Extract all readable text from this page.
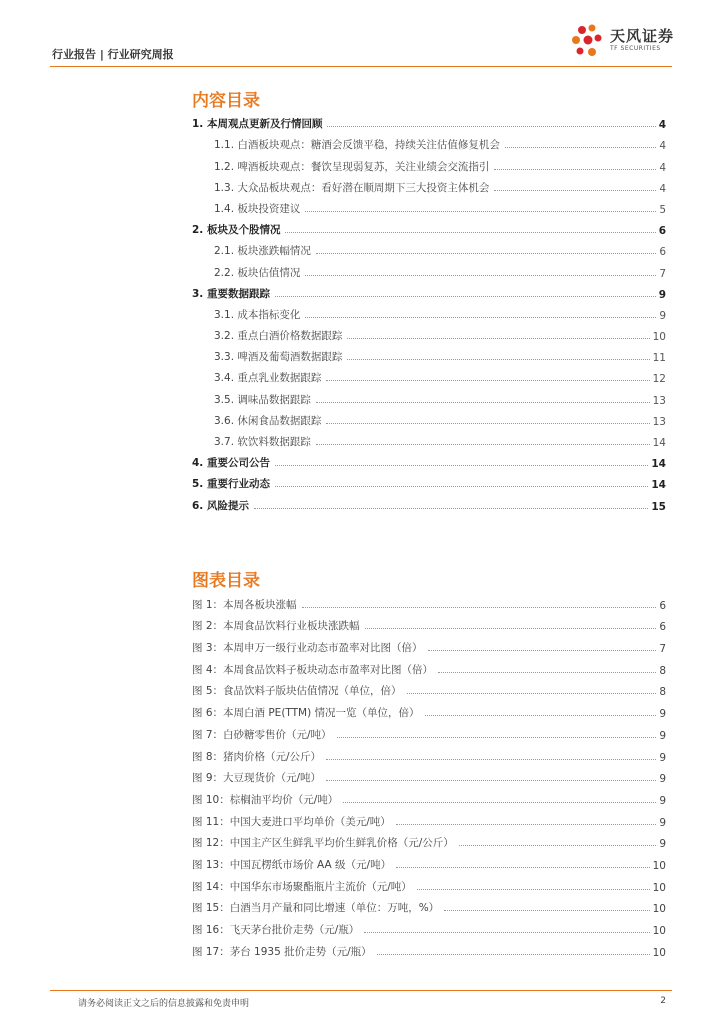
行业报告 | 行业研究周报
天风证券
TF SECURITIES
内容目录
1. 本周观点更新及行情回顾	4
1.1. 白酒板块观点：糖酒会反馈平稳，持续关注估值修复机会	4
1.2. 啤酒板块观点：餐饮呈现弱复苏，关注业绩会交流指引	4
1.3. 大众品板块观点：看好潜在顺周期下三大投资主体机会	4
1.4. 板块投资建议	5
2. 板块及个股情况	6
2.1. 板块涨跌幅情况	6
2.2. 板块估值情况	7
3. 重要数据跟踪	9
3.1. 成本指标变化	9
3.2. 重点白酒价格数据跟踪	10
3.3. 啤酒及葡萄酒数据跟踪	11
3.4. 重点乳业数据跟踪	12
3.5. 调味品数据跟踪	13
3.6. 休闲食品数据跟踪	13
3.7. 软饮料数据跟踪	14
4. 重要公司公告	14
5. 重要行业动态	14
6. 风险提示	15
图表目录
图 1：本周各板块涨幅	6
图 2：本周食品饮料行业板块涨跌幅	6
图 3：本周申万一级行业动态市盈率对比图（倍）	7
图 4：本周食品饮料子板块动态市盈率对比图（倍）	8
图 5：食品饮料子版块估值情况（单位，倍）	8
图 6：本周白酒 PE(TTM) 情况一览（单位，倍）	9
图 7：白砂糖零售价（元/吨）	9
图 8：猪肉价格（元/公斤）	9
图 9：大豆现货价（元/吨）	9
图 10：棕榈油平均价（元/吨）	9
图 11：中国大麦进口平均单价（美元/吨）	9
图 12：中国主产区生鲜乳平均价生鲜乳价格（元/公斤）	9
图 13：中国瓦楞纸市场价 AA 级（元/吨）	10
图 14：中国华东市场聚酯瓶片主流价（元/吨）	10
图 15：白酒当月产量和同比增速（单位：万吨，%）	10
图 16：飞天茅台批价走势（元/瓶）	10
图 17：茅台 1935 批价走势（元/瓶）	10
请务必阅读正文之后的信息披露和免责申明	2
